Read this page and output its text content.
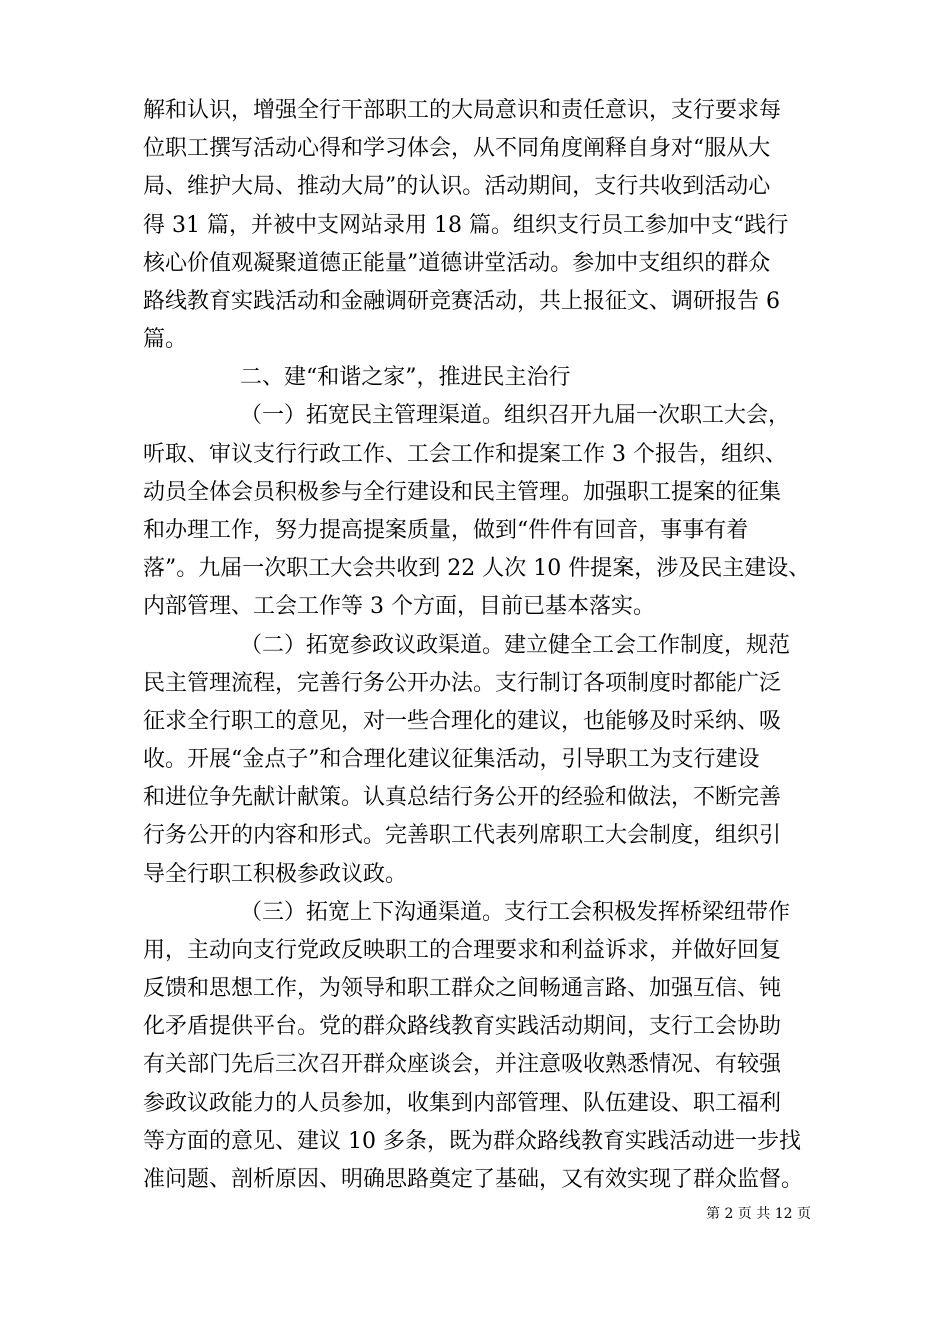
解和认识，增强全行干部职工的大局意识和责任意识，支行要求每
位职工撰写活动心得和学习体会，从不同角度阐释自身对“服从大
局、维护大局、推动大局”的认识。活动期间，支行共收到活动心
得 31 篇，并被中支网站录用 18 篇。组织支行员工参加中支“践行
核心价值观凝聚道德正能量”道德讲堂活动。参加中支组织的群众
路线教育实践活动和金融调研竞赛活动，共上报征文、调研报告 6
篇。
二、建“和谐之家”，推进民主治行
（一）拓宽民主管理渠道。组织召开九届一次职工大会，
听取、审议支行行政工作、工会工作和提案工作 3 个报告，组织、
动员全体会员积极参与全行建设和民主管理。加强职工提案的征集
和办理工作，努力提高提案质量，做到“件件有回音，事事有着
落”。九届一次职工大会共收到 22 人次 10 件提案，涉及民主建设、
内部管理、工会工作等 3 个方面，目前已基本落实。
（二）拓宽参政议政渠道。建立健全工会工作制度，规范
民主管理流程，完善行务公开办法。支行制订各项制度时都能广泛
征求全行职工的意见，对一些合理化的建议，也能够及时采纳、吸
收。开展“金点子”和合理化建议征集活动，引导职工为支行建设
和进位争先献计献策。认真总结行务公开的经验和做法，不断完善
行务公开的内容和形式。完善职工代表列席职工大会制度，组织引
导全行职工积极参政议政。
（三）拓宽上下沟通渠道。支行工会积极发挥桥梁纽带作
用，主动向支行党政反映职工的合理要求和利益诉求，并做好回复
反馈和思想工作，为领导和职工群众之间畅通言路、加强互信、钝
化矛盾提供平台。党的群众路线教育实践活动期间，支行工会协助
有关部门先后三次召开群众座谈会，并注意吸收熟悉情况、有较强
参政议政能力的人员参加，收集到内部管理、队伍建设、职工福利
等方面的意见、建议 10 多条，既为群众路线教育实践活动进一步找
准问题、剖析原因、明确思路奠定了基础，又有效实现了群众监督。
第 2 页 共 12 页
